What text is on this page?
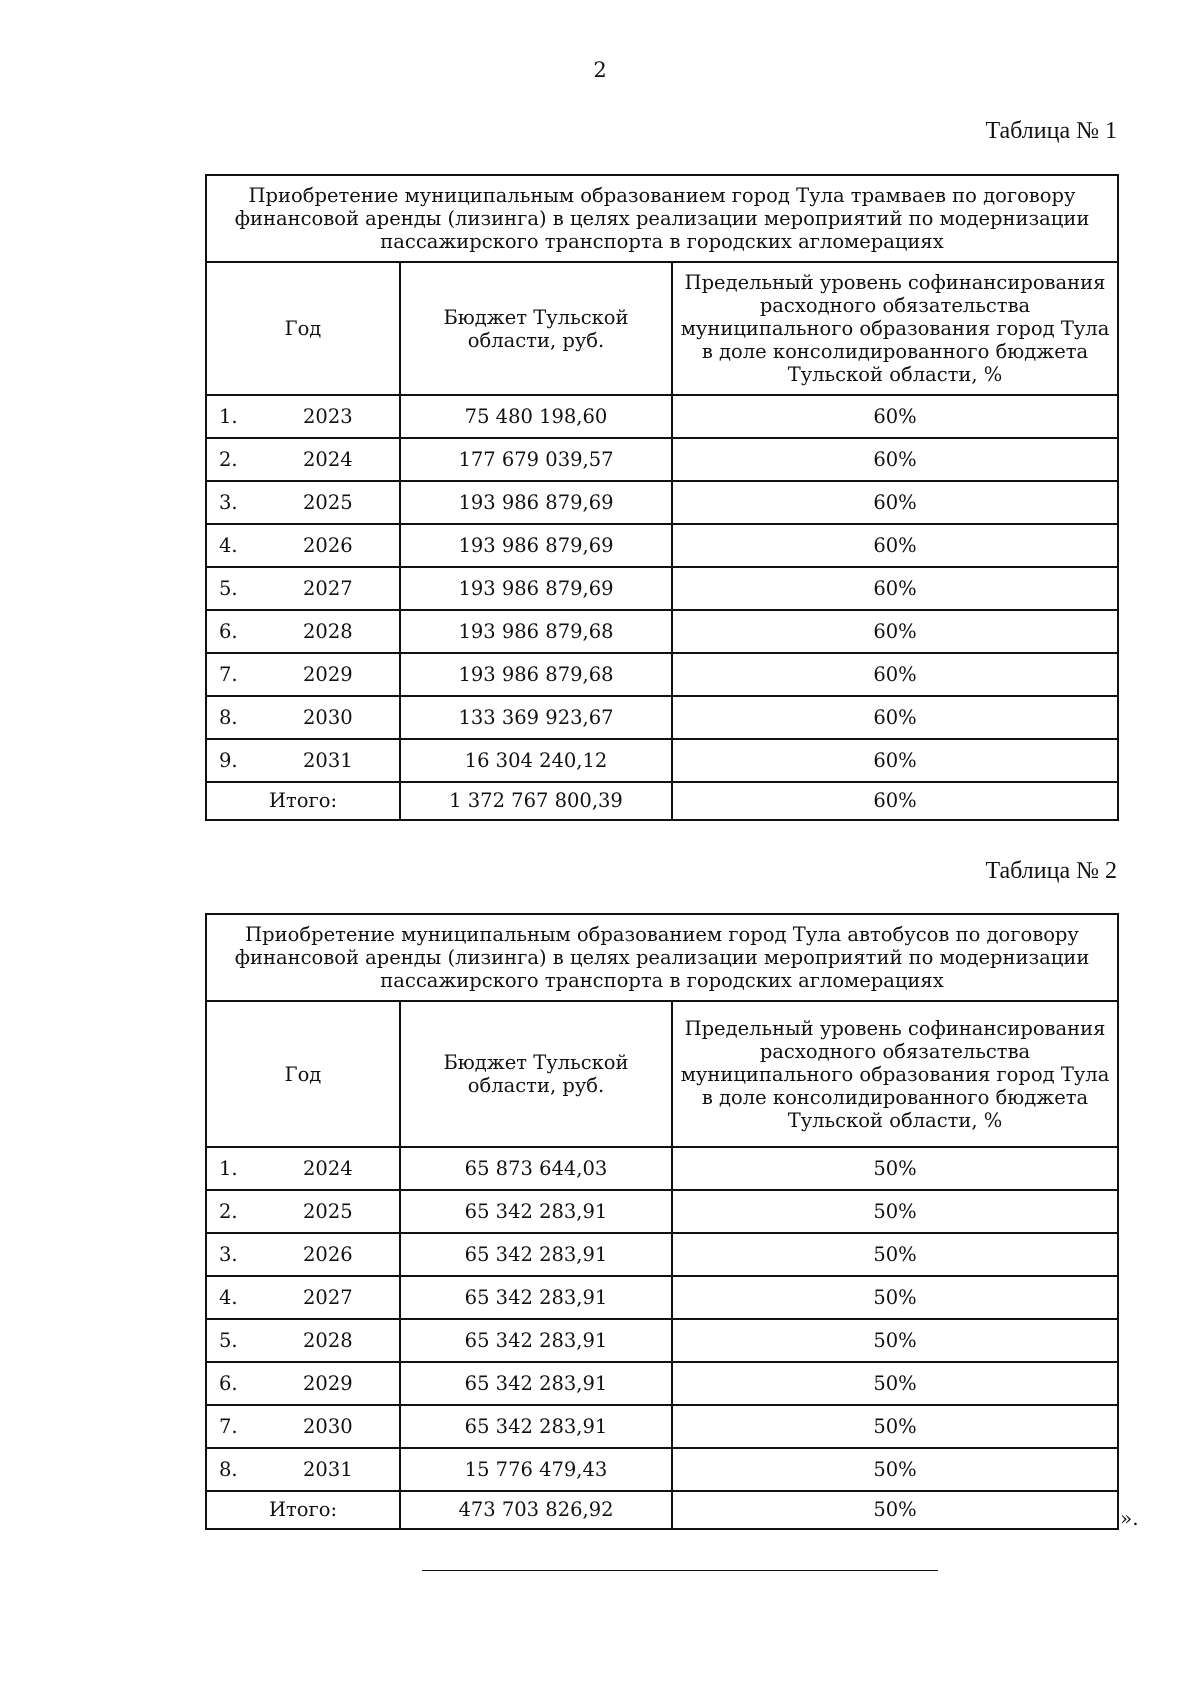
2
Таблица № 1
Приобретение муниципальным образованием город Тула трамваев по договору финансовой аренды (лизинга) в целях реализации мероприятий по модернизации пассажирского транспорта в городских агломерациях		
Год	Бюджет Тульской области, руб.	Предельный уровень софинансирования расходного обязательства муниципального образования город Тула в доле консолидированного бюджета Тульской области, %

1. 2023	75 480 198,60	60%

2. 2024	177 679 039,57	60%

3. 2025	193 986 879,69	60%

4. 2026	193 986 879,69	60%

5. 2027	193 986 879,69	60%

6. 2028	193 986 879,68	60%

7. 2029	193 986 879,68	60%

8. 2030	133 369 923,67	60%

9. 2031	16 304 240,12	60%
Итого:	1 372 767 800,39	60%
Таблица № 2
Приобретение муниципальным образованием город Тула автобусов по договору финансовой аренды (лизинга) в целях реализации мероприятий по модернизации пассажирского транспорта в городских агломерациях		
Год	Бюджет Тульской области, руб.	Предельный уровень софинансирования расходного обязательства муниципального образования город Тула в доле консолидированного бюджета Тульской области, %

1. 2024	65 873 644,03	50%

2. 2025	65 342 283,91	50%

3. 2026	65 342 283,91	50%

4. 2027	65 342 283,91	50%

5. 2028	65 342 283,91	50%

6. 2029	65 342 283,91	50%

7. 2030	65 342 283,91	50%

8. 2031	15 776 479,43	50%
Итого:	473 703 826,92	50%	».
